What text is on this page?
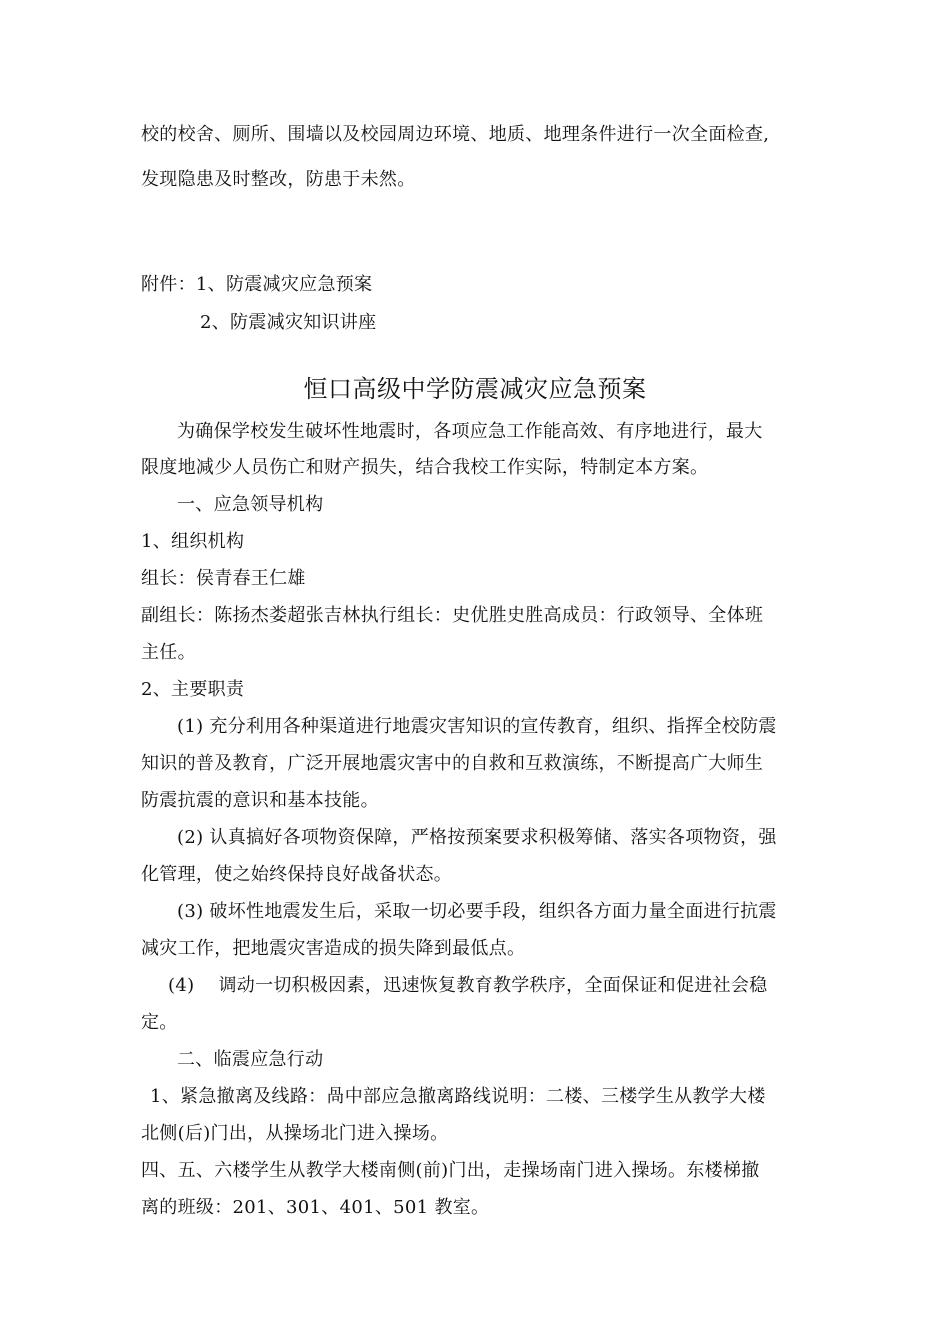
校的校舍、厕所、围墙以及校园周边环境、地质、地理条件进行一次全面检查,
发现隐患及时整改，防患于未然。
附件：1、防震减灾应急预案
2、防震减灾知识讲座
恒口高级中学防震减灾应急预案
为确保学校发生破坏性地震时，各项应急工作能高效、有序地进行，最大
限度地减少人员伤亡和财产损失，结合我校工作实际，特制定本方案。
一、应急领导机构
1、组织机构
组长：侯青春王仁雄
副组长：陈扬杰娄超张吉林执行组长：史优胜史胜高成员：行政领导、全体班
主任。
2、主要职责
(1) 充分利用各种渠道进行地震灾害知识的宣传教育，组织、指挥全校防震
知识的普及教育，广泛开展地震灾害中的自救和互救演练，不断提高广大师生
防震抗震的意识和基本技能。
(2) 认真搞好各项物资保障，严格按预案要求积极筹储、落实各项物资，强
化管理，使之始终保持良好战备状态。
(3) 破坏性地震发生后，采取一切必要手段，组织各方面力量全面进行抗震
减灾工作，把地震灾害造成的损失降到最低点。
(4)    调动一切积极因素，迅速恢复教育教学秩序，全面保证和促进社会稳
定。
二、临震应急行动
1、紧急撤离及线路：咼中部应急撤离路线说明：二楼、三楼学生从教学大楼
北侧(后)门出，从操场北门进入操场。
四、五、六楼学生从教学大楼南侧(前)门出，走操场南门进入操场。东楼梯撤
离的班级：201、301、401、501 教室。
